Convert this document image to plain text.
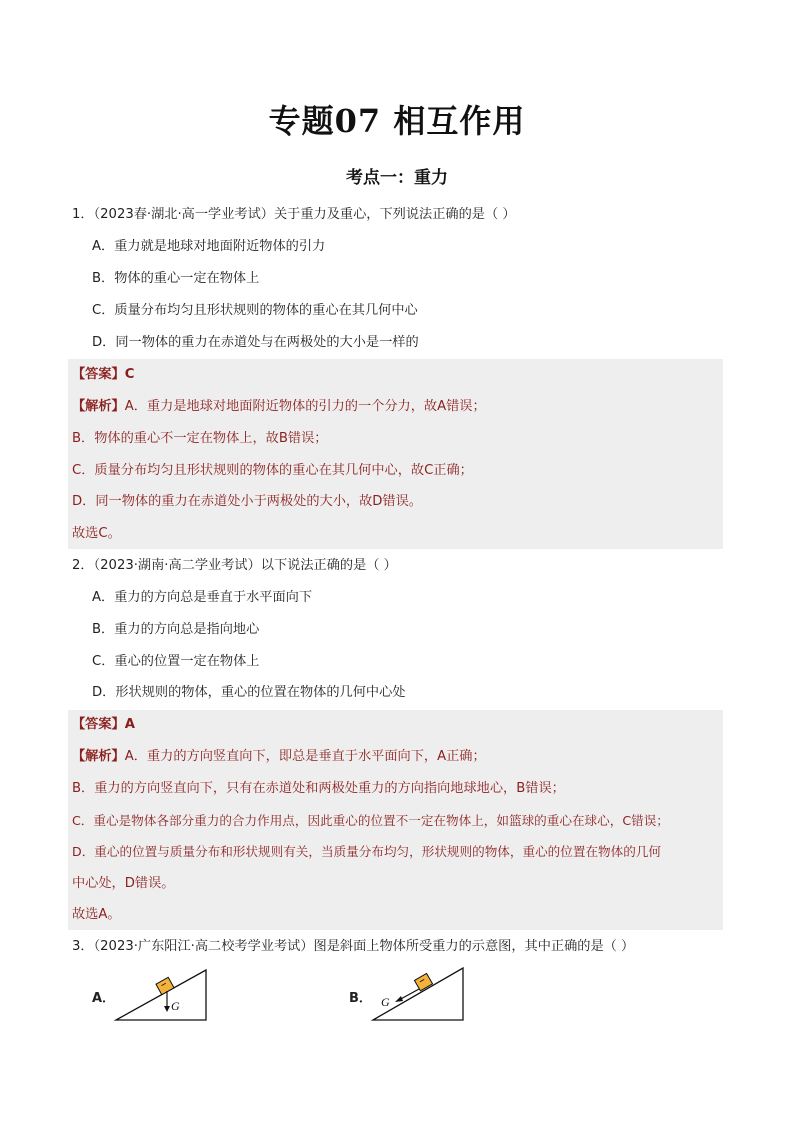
专题07 相互作用
考点一：重力
1．（2023春·湖北·高一学业考试）关于重力及重心，下列说法正确的是（ ）
A．重力就是地球对地面附近物体的引力
B．物体的重心一定在物体上
C．质量分布均匀且形状规则的物体的重心在其几何中心
D．同一物体的重力在赤道处与在两极处的大小是一样的
【答案】C
【解析】A．重力是地球对地面附近物体的引力的一个分力，故A错误；
B．物体的重心不一定在物体上，故B错误；
C．质量分布均匀且形状规则的物体的重心在其几何中心，故C正确；
D．同一物体的重力在赤道处小于两极处的大小，故D错误。
故选C。
2．（2023·湖南·高二学业考试）以下说法正确的是（ ）
A．重力的方向总是垂直于水平面向下
B．重力的方向总是指向地心
C．重心的位置一定在物体上
D．形状规则的物体，重心的位置在物体的几何中心处
【答案】A
【解析】A．重力的方向竖直向下，即总是垂直于水平面向下，A正确；
B．重力的方向竖直向下，只有在赤道处和两极处重力的方向指向地球地心，B错误；
C．重心是物体各部分重力的合力作用点，因此重心的位置不一定在物体上，如篮球的重心在球心，C错误；
D．重心的位置与质量分布和形状规则有关，当质量分布均匀，形状规则的物体，重心的位置在物体的几何
中心处，D错误。
故选A。
3．（2023·广东阳江·高二校考学业考试）图是斜面上物体所受重力的示意图，其中正确的是（ ）
A．	G	B． G
